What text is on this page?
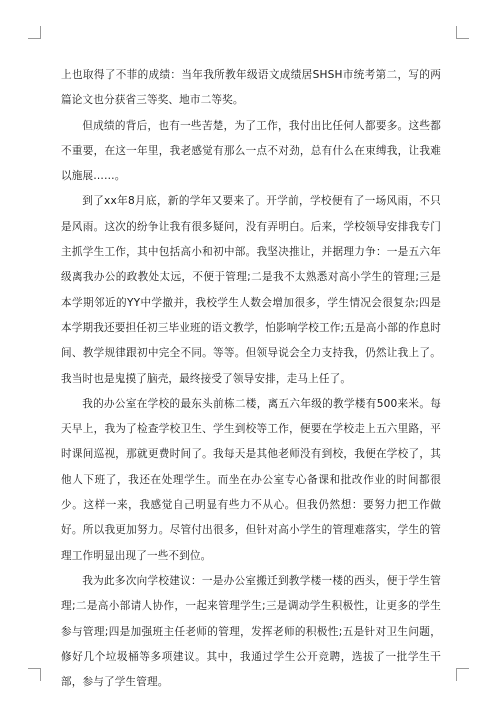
上也取得了不菲的成绩：当年我所教年级语文成绩居SHSH市统考第二，写的两篇论文也分获省三等奖、地市二等奖。

但成绩的背后，也有一些苦楚，为了工作，我付出比任何人都要多。这些都不重要，在这一年里，我老感觉有那么一点不对劲，总有什么在束缚我，让我难以施展……。

到了xx年8月底，新的学年又要来了。开学前，学校便有了一场风雨，不只是风雨。这次的纷争让我有很多疑问，没有弄明白。后来，学校领导安排我专门主抓学生工作，其中包括高小和初中部。我坚决推让，并据理力争：一是五六年级离我办公的政教处太远，不便于管理;二是我不太熟悉对高小学生的管理;三是本学期邻近的YY中学撤并，我校学生人数会增加很多，学生情况会很复杂;四是本学期我还要担任初三毕业班的语文教学，怕影响学校工作;五是高小部的作息时间、教学规律跟初中完全不同。等等。但领导说会全力支持我，仍然让我上了。我当时也是鬼摸了脑壳，最终接受了领导安排，走马上任了。

我的办公室在学校的最东头前栋二楼，离五六年级的教学楼有500来米。每天早上，我为了检查学校卫生、学生到校等工作，便要在学校走上五六里路，平时课间巡视，那就更费时间了。我每天是其他老师没有到校，我便在学校了，其他人下班了，我还在处理学生。而坐在办公室专心备课和批改作业的时间都很少。这样一来，我感觉自己明显有些力不从心。但我仍然想：要努力把工作做好。所以我更加努力。尽管付出很多，但针对高小学生的管理难落实，学生的管理工作明显出现了一些不到位。

我为此多次向学校建议：一是办公室搬迁到教学楼一楼的西头，便于学生管理;二是高小部请人协作，一起来管理学生;三是调动学生积极性，让更多的学生参与管理;四是加强班主任老师的管理，发挥老师的积极性;五是针对卫生问题，修好几个垃圾桶等多项建议。其中，我通过学生公开竞聘，选拔了一批学生干部，参与了学生管理。
